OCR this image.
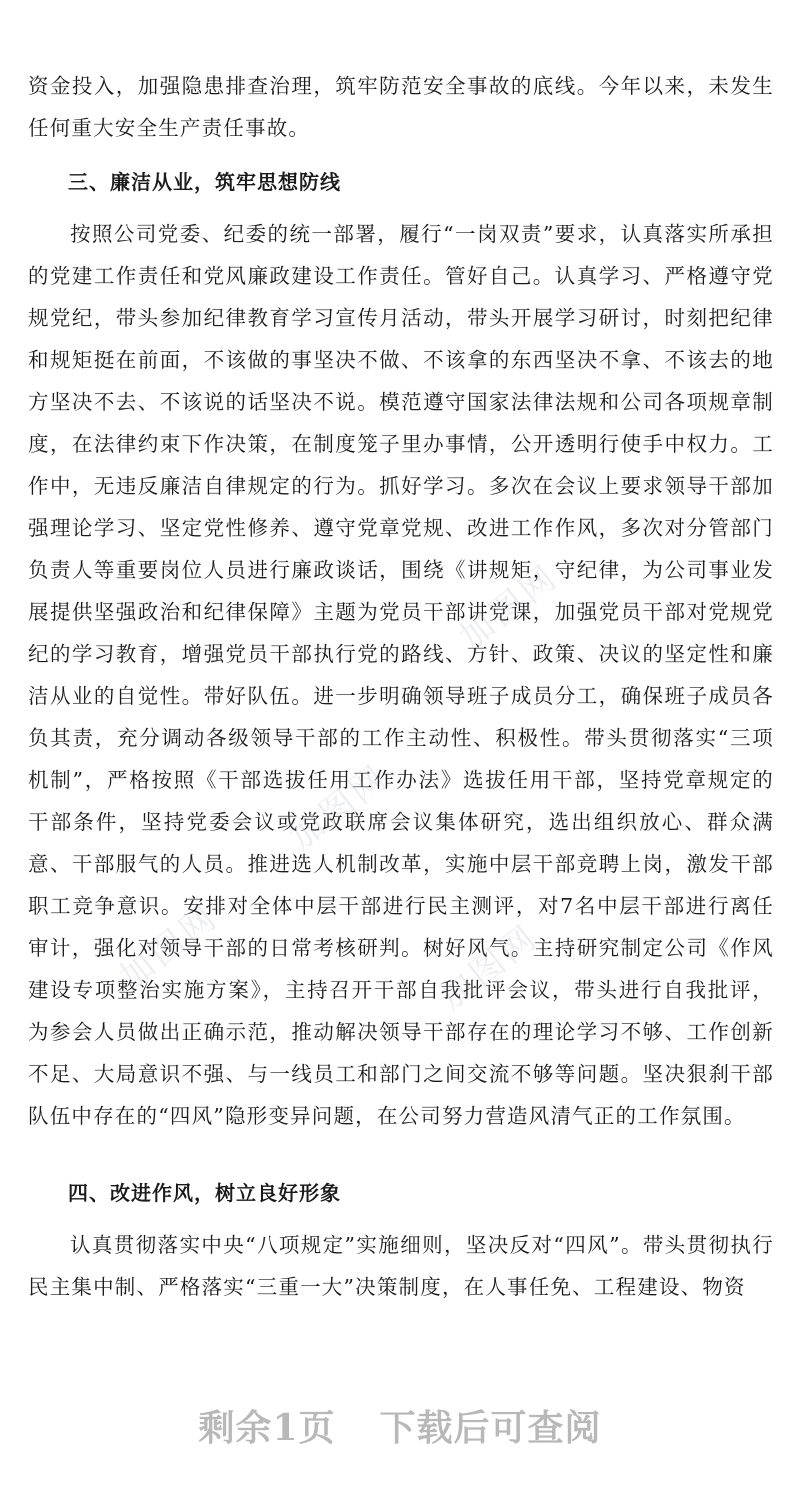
资金投入，加强隐患排查治理，筑牢防范安全事故的底线。今年以来，未发生任何重大安全生产责任事故。
三、廉洁从业，筑牢思想防线
按照公司党委、纪委的统一部署，履行“一岗双责”要求，认真落实所承担的党建工作责任和党风廉政建设工作责任。管好自己。认真学习、严格遵守党规党纪，带头参加纪律教育学习宣传月活动，带头开展学习研讨，时刻把纪律和规矩挺在前面，不该做的事坚决不做、不该拿的东西坚决不拿、不该去的地方坚决不去、不该说的话坚决不说。模范遵守国家法律法规和公司各项规章制度，在法律约束下作决策，在制度笼子里办事情，公开透明行使手中权力。工作中，无违反廉洁自律规定的行为。抓好学习。多次在会议上要求领导干部加强理论学习、坚定党性修养、遵守党章党规、改进工作作风，多次对分管部门负责人等重要岗位人员进行廉政谈话，围绕《讲规矩，守纪律，为公司事业发展提供坚强政治和纪律保障》主题为党员干部讲党课，加强党员干部对党规党纪的学习教育，增强党员干部执行党的路线、方针、政策、决议的坚定性和廉洁从业的自觉性。带好队伍。进一步明确领导班子成员分工，确保班子成员各负其责，充分调动各级领导干部的工作主动性、积极性。带头贯彻落实“三项机制”，严格按照《干部选拔任用工作办法》选拔任用干部，坚持党章规定的干部条件，坚持党委会议或党政联席会议集体研究，选出组织放心、群众满意、干部服气的人员。推进选人机制改革，实施中层干部竞聘上岗，激发干部职工竞争意识。安排对全体中层干部进行民主测评，对7名中层干部进行离任审计，强化对领导干部的日常考核研判。树好风气。主持研究制定公司《作风建设专项整治实施方案》，主持召开干部自我批评会议，带头进行自我批评，为参会人员做出正确示范，推动解决领导干部存在的理论学习不够、工作创新不足、大局意识不强、与一线员工和部门之间交流不够等问题。坚决狠刹干部队伍中存在的“四风”隐形变异问题，在公司努力营造风清气正的工作氛围。
四、改进作风，树立良好形象
认真贯彻落实中央“八项规定”实施细则，坚决反对“四风”。带头贯彻执行民主集中制、严格落实“三重一大”决策制度，在人事任免、工程建设、物资
加图网
加图网
加图网	加图网
剩余1页 下载后可查阅
